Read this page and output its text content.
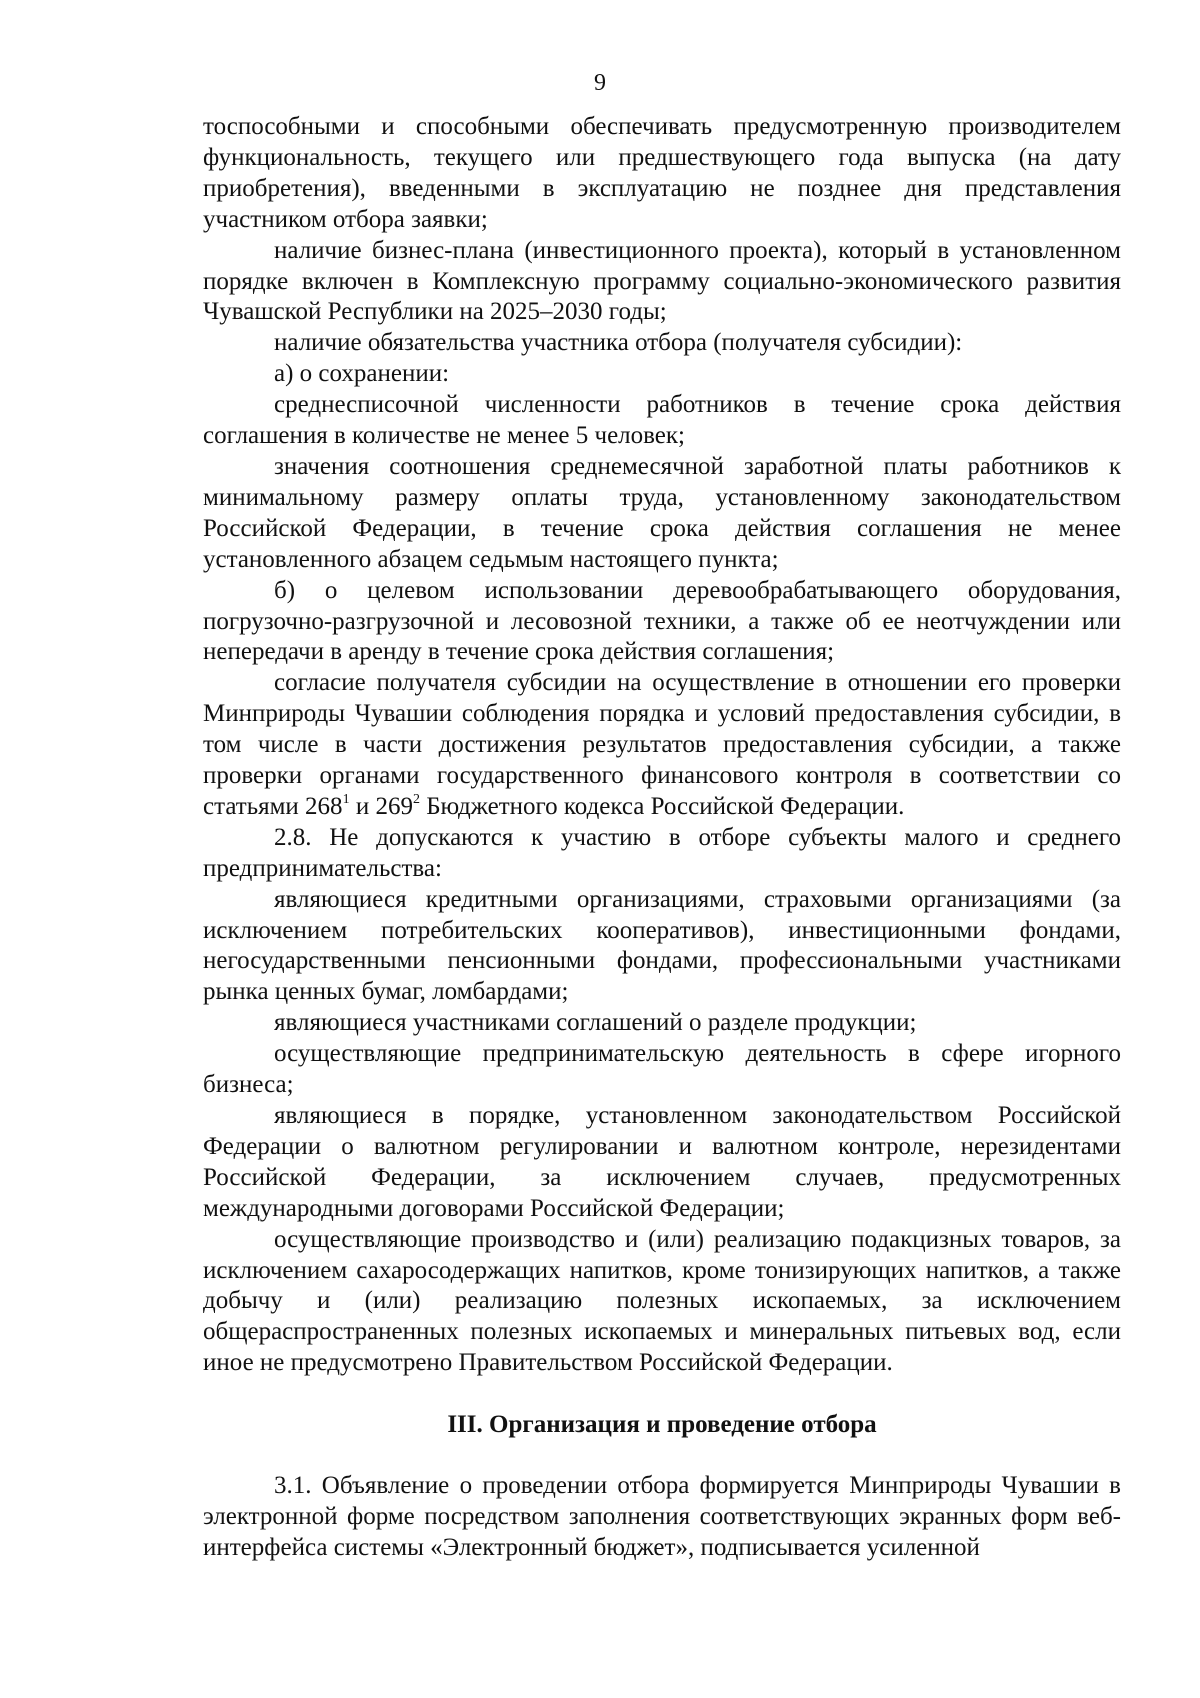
9

тоспособными и способными обеспечивать предусмотренную производителем функциональность, текущего или предшествующего года выпуска (на дату приобретения), введенными в эксплуатацию не позднее дня представления участником отбора заявки;

наличие бизнес-плана (инвестиционного проекта), который в установленном порядке включен в Комплексную программу социально-экономического развития Чувашской Республики на 2025–2030 годы;

наличие обязательства участника отбора (получателя субсидии):

а) о сохранении:

среднесписочной численности работников в течение срока действия соглашения в количестве не менее 5 человек;

значения соотношения среднемесячной заработной платы работников к минимальному размеру оплаты труда, установленному законодательством Российской Федерации, в течение срока действия соглашения не менее установленного абзацем седьмым настоящего пункта;

б) о целевом использовании деревообрабатывающего оборудования, погрузочно-разгрузочной и лесовозной техники, а также об ее неотчуждении или непередачи в аренду в течение срока действия соглашения;

согласие получателя субсидии на осуществление в отношении его проверки Минприроды Чувашии соблюдения порядка и условий предоставления субсидии, в том числе в части достижения результатов предоставления субсидии, а также проверки органами государственного финансового контроля в соответствии со статьями $268^1$ и $269^2$ Бюджетного кодекса Российской Федерации.

2.8. Не допускаются к участию в отборе субъекты малого и среднего предпринимательства:

являющиеся кредитными организациями, страховыми организациями (за исключением потребительских кооперативов), инвестиционными фондами, негосударственными пенсионными фондами, профессиональными участниками рынка ценных бумаг, ломбардами;

являющиеся участниками соглашений о разделе продукции;

осуществляющие предпринимательскую деятельность в сфере игорного бизнеса;

являющиеся в порядке, установленном законодательством Российской Федерации о валютном регулировании и валютном контроле, нерезидентами Российской Федерации, за исключением случаев, предусмотренных международными договорами Российской Федерации;

осуществляющие производство и (или) реализацию подакцизных товаров, за исключением сахаросодержащих напитков, кроме тонизирующих напитков, а также добычу и (или) реализацию полезных ископаемых, за исключением общераспространенных полезных ископаемых и минеральных питьевых вод, если иное не предусмотрено Правительством Российской Федерации.

III. Организация и проведение отбора

3.1. Объявление о проведении отбора формируется Минприроды Чувашии в электронной форме посредством заполнения соответствующих экранных форм веб-интерфейса системы «Электронный бюджет», подписывается усиленной
